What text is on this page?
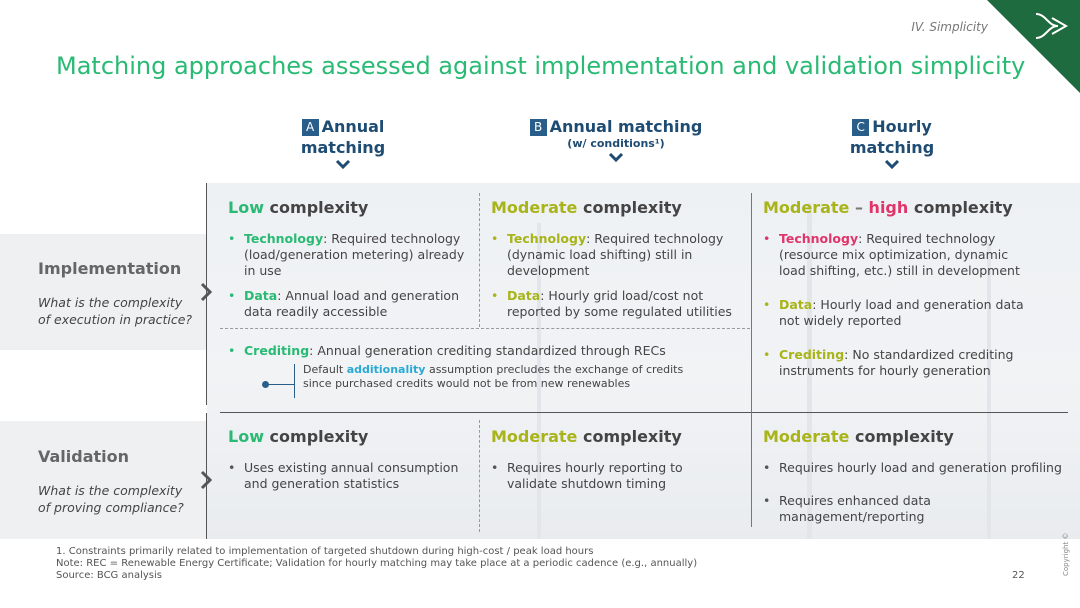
IV. Simplicity
Matching approaches assessed against implementation and validation simplicity
A Annual
matching
B Annual matching
(w/ conditions¹)
C Hourly
matching
Implementation
What is the complexity
of execution in practice?
Validation
What is the complexity
of proving compliance?
Low complexity
• Technology: Required technology (load/generation metering) already in use
• Data: Annual load and generation data readily accessible
Moderate complexity
• Technology: Required technology (dynamic load shifting) still in development
• Data: Hourly grid load/cost not reported by some regulated utilities
• Crediting: Annual generation crediting standardized through RECs
Default additionality assumption precludes the exchange of credits since purchased credits would not be from new renewables
Moderate – high complexity
• Technology: Required technology (resource mix optimization, dynamic load shifting, etc.) still in development
• Data: Hourly load and generation data not widely reported
• Crediting: No standardized crediting instruments for hourly generation
Low complexity
• Uses existing annual consumption and generation statistics
Moderate complexity
• Requires hourly reporting to validate shutdown timing
Moderate complexity
• Requires hourly load and generation profiling
• Requires enhanced data management/reporting
1. Constraints primarily related to implementation of targeted shutdown during high-cost / peak load hours
Note: REC = Renewable Energy Certificate; Validation for hourly matching may take place at a periodic cadence (e.g., annually)
Source: BCG analysis	22	Copyright ©
